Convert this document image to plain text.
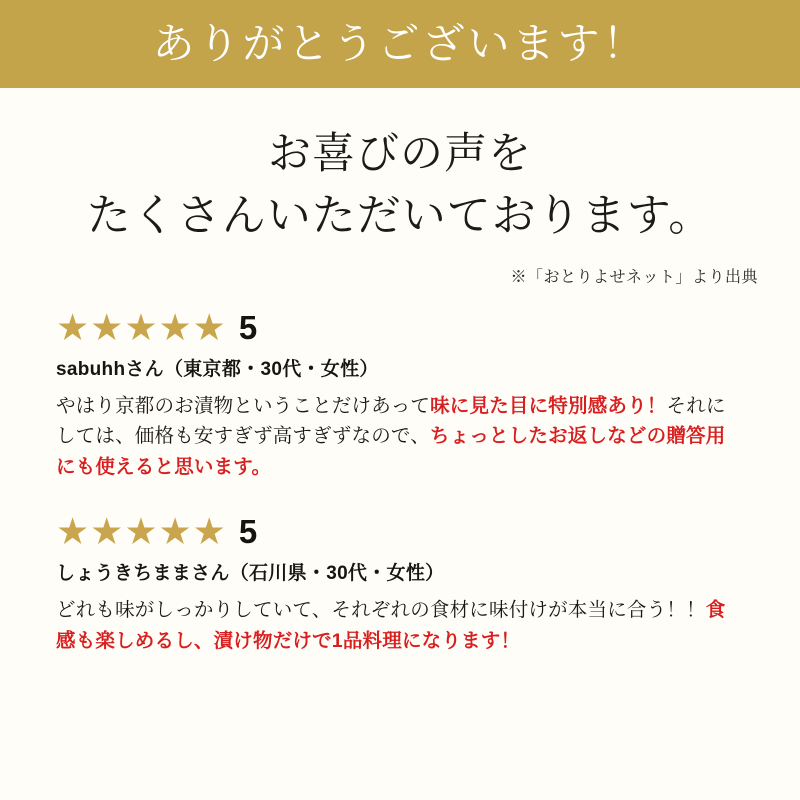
ありがとうございます！
お喜びの声を
たくさんいただいております。
※「おとりよせネット」より出典
★★★★★ 5
sabuhhさん（東京都・30代・女性）
やはり京都のお漬物ということだけあって味に見た目に特別感あり！それにしては、価格も安すぎず高すぎずなので、ちょっとしたお返しなどの贈答用にも使えると思います。
★★★★★ 5
しょうきちままさん（石川県・30代・女性）
どれも味がしっかりしていて、それぞれの食材に味付けが本当に合う！！食感も楽しめるし、漬け物だけで1品料理になります！
